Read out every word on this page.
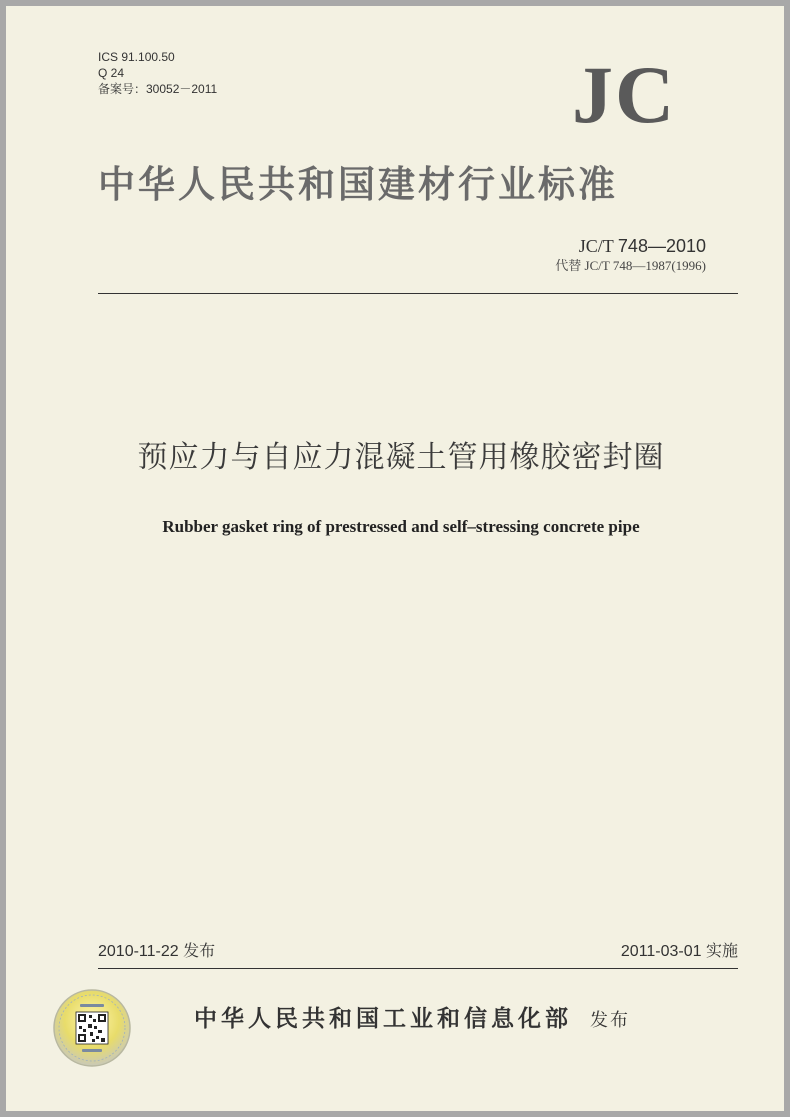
ICS 91.100.50
Q 24
备案号：30052－2011	JC
中华人民共和国建材行业标准
JC/T 748—2010
代替 JC/T 748—1987(1996)
预应力与自应力混凝土管用橡胶密封圈
Rubber gasket ring of prestressed and self–stressing concrete pipe
2010-11-22 发布	2011-03-01 实施
中华人民共和国工业和信息化部 发布
